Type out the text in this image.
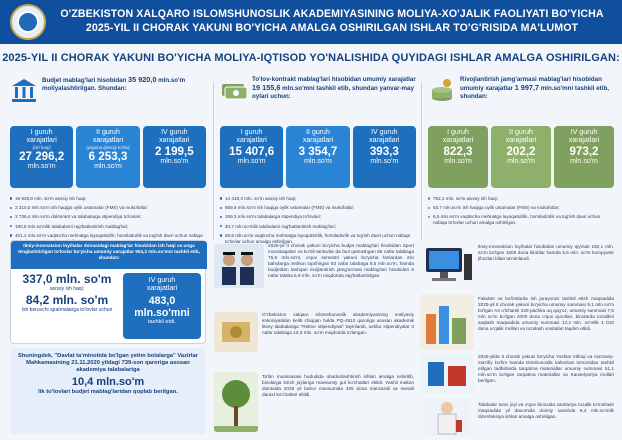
O'ZBEKISTON XALQARO ISLOMSHUNOSLIK AKADEMIYASINING MOLIYA-XO'JALIK FAOLIYATI BO'YICHA
2025-YIL II CHORAK YAKUNI BO'YICHA AMALGA OSHIRILGAN ISHLAR TO'G'RISIDA MA'LUMOT
2025-YIL II CHORAK YAKUNI BO'YICHA MOLIYA-IQTISOD YO'NALISHIDA QUYIDAGI ISHLAR AMALGA OSHIRILGAN:
Budjet mablag'lari hisobidan 35 920,0 mln.so'm moliyalashtirilgan. Shundan:
I guruh
xarajatlari
(ish haqi)
27 296,2
mln.so'm
II guruh
xarajatlari
(yagona ijtimoiy to'lov)
6 253,3
mln.so'm
IV guruh
xarajatlari
2 199,5
mln.so'm
19 928,8 mln. so'm asosiy ish haqi;
3 210,0 mln.so'm ish haqiga oylik ustamalar (FMS) va mukofotlar;
3 736,4 mln.so'm doktorant va talabalarga stipendiya to'lovlari;
190,8 mln.so'mlik talabalarni rag'batlantirish mablag'lari;
401,2 mln.so'm vaqtincha mehnatga layoqatsizlik, homiladorlik va tug'ish davri uchun nafaqa
To'lov-kontrakt mablag'lari hisobidan umumiy xarajatlar 19 155,6 mln.so'mni tashkil etib, shundan yanvar-may oylari uchun:
I guruh
xarajatlari
15 407,6
mln.so'm
II guruh
xarajatlari
3 354,7
mln.so'm
IV guruh
xarajatlari
393,3
mln.so'm
14 418,3 mln. so'm asosiy ish haqi;
659,5 mln.so'm ish haqiga oylik ustamalar (FMS) va mukofotlar;
199,3 mln.so'm talabalarga stipendiya to'lovlari;
40,7 mln.so'mlik talabalarni rag'batlantirish mablag'lari;
89,8 mln.so'm vaqtincha mehnatga layoqatsizlik, homiladorlik va tug'ish davri uchun nafaqa to'lovlar uchun amalga oshirilgan.
Rivojlantirish jamg'armasi mablag'lari hisobidan umumiy xarajatlar 1 997,7 mln.so'mni tashkil etib, shundan:
I guruh
xarajatlari
822,3
mln.so'm
II guruh
xarajatlari
202,2
mln.so'm
IV guruh
xarajatlari
973,2
mln.so'm
752,1 mln. so'm asosiy ish haqi;
63,7 mln.so'm ish haqiga oylik ustamalar (FMS) va mukofotlar;
6,5 mln.so'm vaqtincha mehnatga layoqatsizlik, homiladorlik va tug'ish davri uchun nafaqa to'lovlar uchun amalga oshirilgan.
Ilmiy-innovatsion loyihalar doirasidagi mablag'lar hisobidan ish haqi va unga tenglashtirilgan to'lovlar bo'yicha umumiy xarajatlar 904,2 mln.so'mni tashkil etib, shundan:
337,0 mln. so'm
asosiy ish haqi;
84,2 mln. so'm
Ish beruvchi ajratmalariga to'lovlar uchun
IV guruh
xarajatlari
483,0 mln.so'mni
tashkil etdi.
Shuningdek, "Davlat ta'minotida bo'lgan yetim bolalarga" Vazirlar Mahkamasining 21.11.2020 yildagi 739-son qaroriga asosan akademiya talabalariga
10,4 mln.so'm
lik to'lovlari budjet mablag'laridan qoplab berilgan.
2025-yil II chorak yakuni bo'yicha budjet mablag'lari hisobidan Sport musobaqalari va ko'rik-tanlovlar da faol qatnashgan 95 nafar talabaga 75,6 mln.so'm, o'quv semestri yakuni bo'yicha fanlardan a'lo baholarga imtihon topshirgan 83 nafar talabaga 8,5 mln.so'm, hamda budjetdan tashqari rivojlantirish jamg'armasi mablag'lari hisobidan 6 nafar talaba 6,9 mln. so'm miqdorida rag'batlantirilgan.
O'zbekiston xalqaro islomshunoslik akademiyasining moliyaviy imkoniyatidan kelib chiqqan holda PQ-4910 qaroriga asosan akademik litsey talabalariga "Rektor stipendiyasi" tayinlanib, ushbu stipendiyalar 3 nafar talabaga 10,3 mln. so'm miqdorida to'langan.
Ta'lim muassasasi hududida obodonlashtirish ishlari amalga oshirilib, binolarga kirish joylariga mavsumiy gul ko'chatlari ekildi. Yashil makon doirasida 2025 yil bahor mavsumida 425 dona manzarali va mevali daraxt ko'chatlari ekildi.
Ilmiy-innovatsion loyihalar hisobidan umumiy qiymati 192,1 mln. so'm bo'lgan 1500 dona kitoblar hamda 5,6 mln. so'm kompyuter jihozlari bilan ta'minlandi.
Fakultet va bo'limlarda ish jarayonini tashkil etish maqsadida 2025-yil II chorak yakuni bo'yicha umumiy summasi 9,1 mln.so'm bo'lgan A4 o'lchamli 229 pachka oq qog'oz, umumiy summasi 7,5 mln so'm bo'lgan 2000 dona o'quv qurollari, binolarda tozalikni saqlash maqsadida umumiy summasi 13,2 mln. so'mlik 1 010 dona xo'jalik mollari va tozalash vositalari taqdim etildi.
2025-yilda II chorak yakuni bo'yicha Yoshlar ittifoqi va ma'naviy-ma'rifiy bo'lim hamda Dinshunoslik kafedrasi tomonidan tashkil etilgan tadbirlarda tarqatma materiallar umumiy summasi 51,1 mln.so'm bo'lgan tarqatma materiallar va Kanselyariya mollari berilgan.
Talabalar turar joyi va o'quv binosida sanitariya tozalik tu'minlash maqsadida yil davomida doimiy ravishda 8,4 mln.so'mlik dizenfeksiya ishlari amalga oshirilgan.
